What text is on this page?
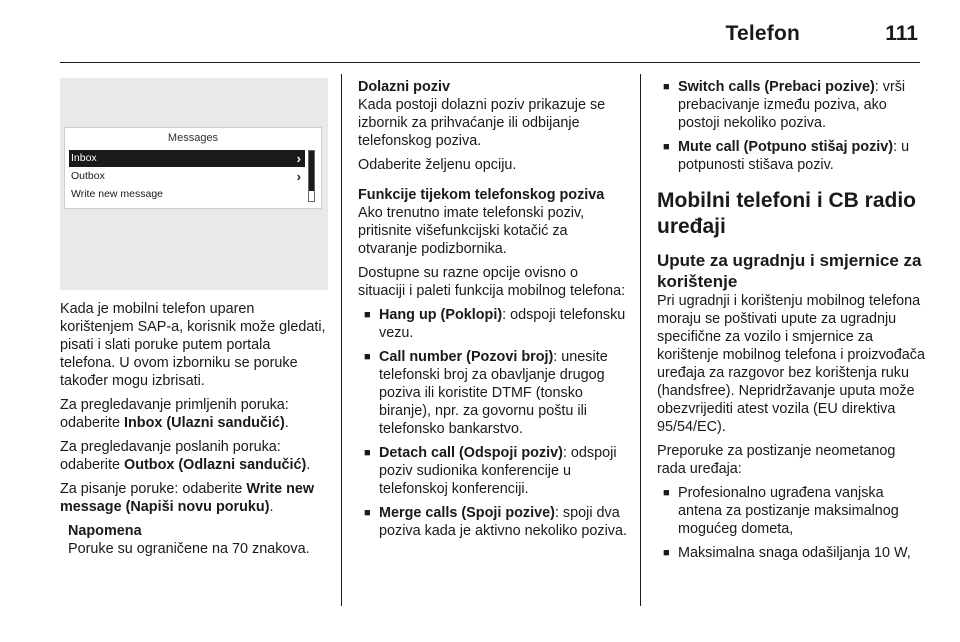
Telefon	111
Messages
Inbox	›
Outbox	›
Write new message

Kada je mobilni telefon uparen korištenjem SAP-a, korisnik može gledati, pisati i slati poruke putem portala telefona. U ovom izborniku se poruke također mogu izbrisati.

Za pregledavanje primljenih poruka: odaberite Inbox (Ulazni sandučić).

Za pregledavanje poslanih poruka: odaberite Outbox (Odlazni sandučić).

Za pisanje poruke: odaberite Write new message (Napiši novu poruku).

Napomena

Poruke su ograničene na 70 znakova.

Dolazni poziv

Kada postoji dolazni poziv prikazuje se izbornik za prihvaćanje ili odbijanje telefonskog poziva.

Odaberite željenu opciju.

Funkcije tijekom telefonskog poziva

Ako trenutno imate telefonski poziv, pritisnite višefunkcijski kotačić za otvaranje podizbornika.

Dostupne su razne opcije ovisno o situaciji i paleti funkcija mobilnog telefona:

■ Hang up (Poklopi): odspoji telefonsku vezu.
■ Call number (Pozovi broj): unesite telefonski broj za obavljanje drugog poziva ili koristite DTMF (tonsko biranje), npr. za govornu poštu ili telefonsko bankarstvo.
■ Detach call (Odspoji poziv): odspoji poziv sudionika konferencije u telefonskoj konferenciji.
■ Merge calls (Spoji pozive): spoji dva poziva kada je aktivno nekoliko poziva.
■ Switch calls (Prebaci pozive): vrši prebacivanje između poziva, ako postoji nekoliko poziva.
■ Mute call (Potpuno stišaj poziv): u potpunosti stišava poziv.

Mobilni telefoni i CB radio uređaji

Upute za ugradnju i smjernice za korištenje

Pri ugradnji i korištenju mobilnog telefona moraju se poštivati upute za ugradnju specifične za vozilo i smjernice za korištenje mobilnog telefona i proizvođača uređaja za razgovor bez korištenja ruku (handsfree). Nepridržavanje uputa može obezvrijediti atest vozila (EU direktiva 95/54/EC).

Preporuke za postizanje neometanog rada uređaja:

■ Profesionalno ugrađena vanjska antena za postizanje maksimalnog mogućeg dometa,
■ Maksimalna snaga odašiljanja 10 W,
